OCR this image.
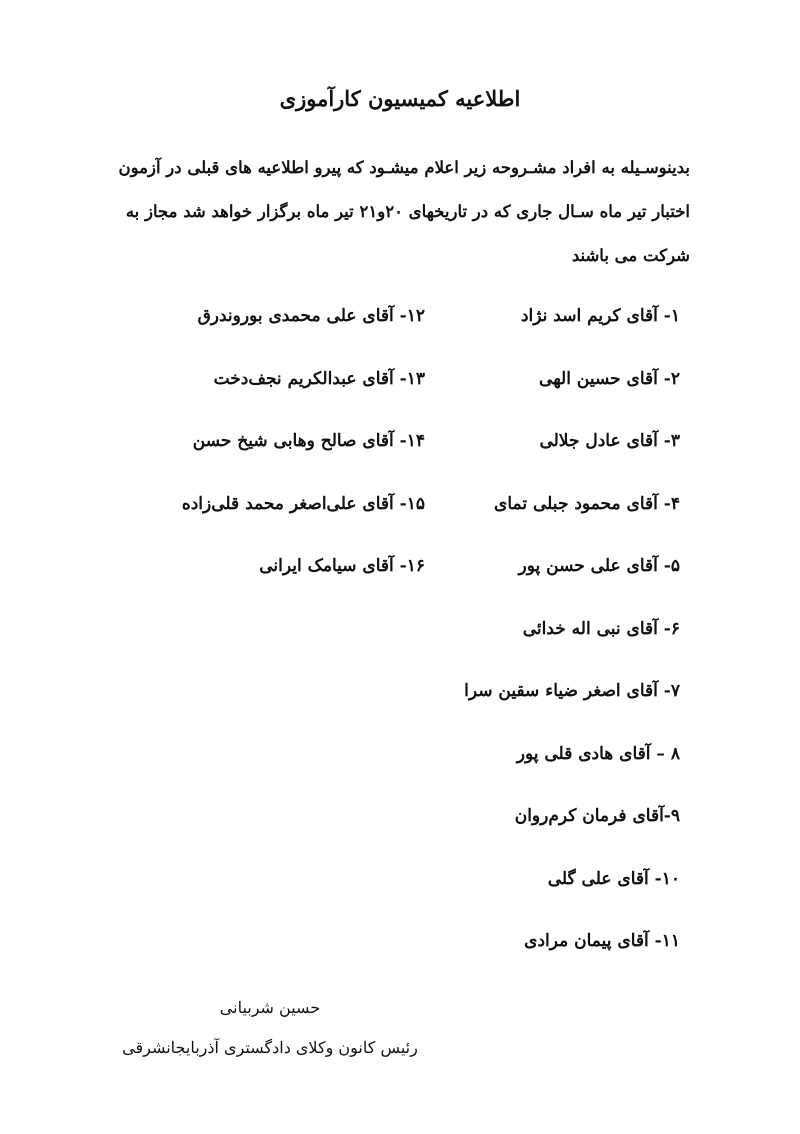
اطلاعیه کمیسیون کارآموزی

بدینوسـیله به افراد مشـروحه زیر اعلام میشـود که پیرو اطلاعیه های قبلی در آزمون

اختبار تیر ماه سـال جاری که در تاریخهای ۲۰و۲۱ تیر ماه برگزار خواهد شد مجاز به

شرکت می باشند

۱- آقای کریم اسد نژاد
۲- آقای حسین الهی
۳- آقای عادل جلالی
۴- آقای محمود جبلی تمای
۵- آقای علی حسن پور
۶- آقای نبی اله خدائی
۷- آقای اصغر ضیاء سقین سرا
۸ – آقای هادی قلی پور
۹-آقای فرمان کرم‌روان
۱۰- آقای علی گلی
۱۱- آقای پیمان مرادی
۱۲- آقای علی محمدی بوروندرق
۱۳- آقای عبدالکریم نجف‌دخت
۱۴- آقای صالح وهابی شیخ حسن
۱۵- آقای علی‌اصغر محمد قلی‌زاده
۱۶- آقای سیامک ایرانی
حسین شربیانی
رئیس کانون وکلای دادگستری آذربایجانشرقی
